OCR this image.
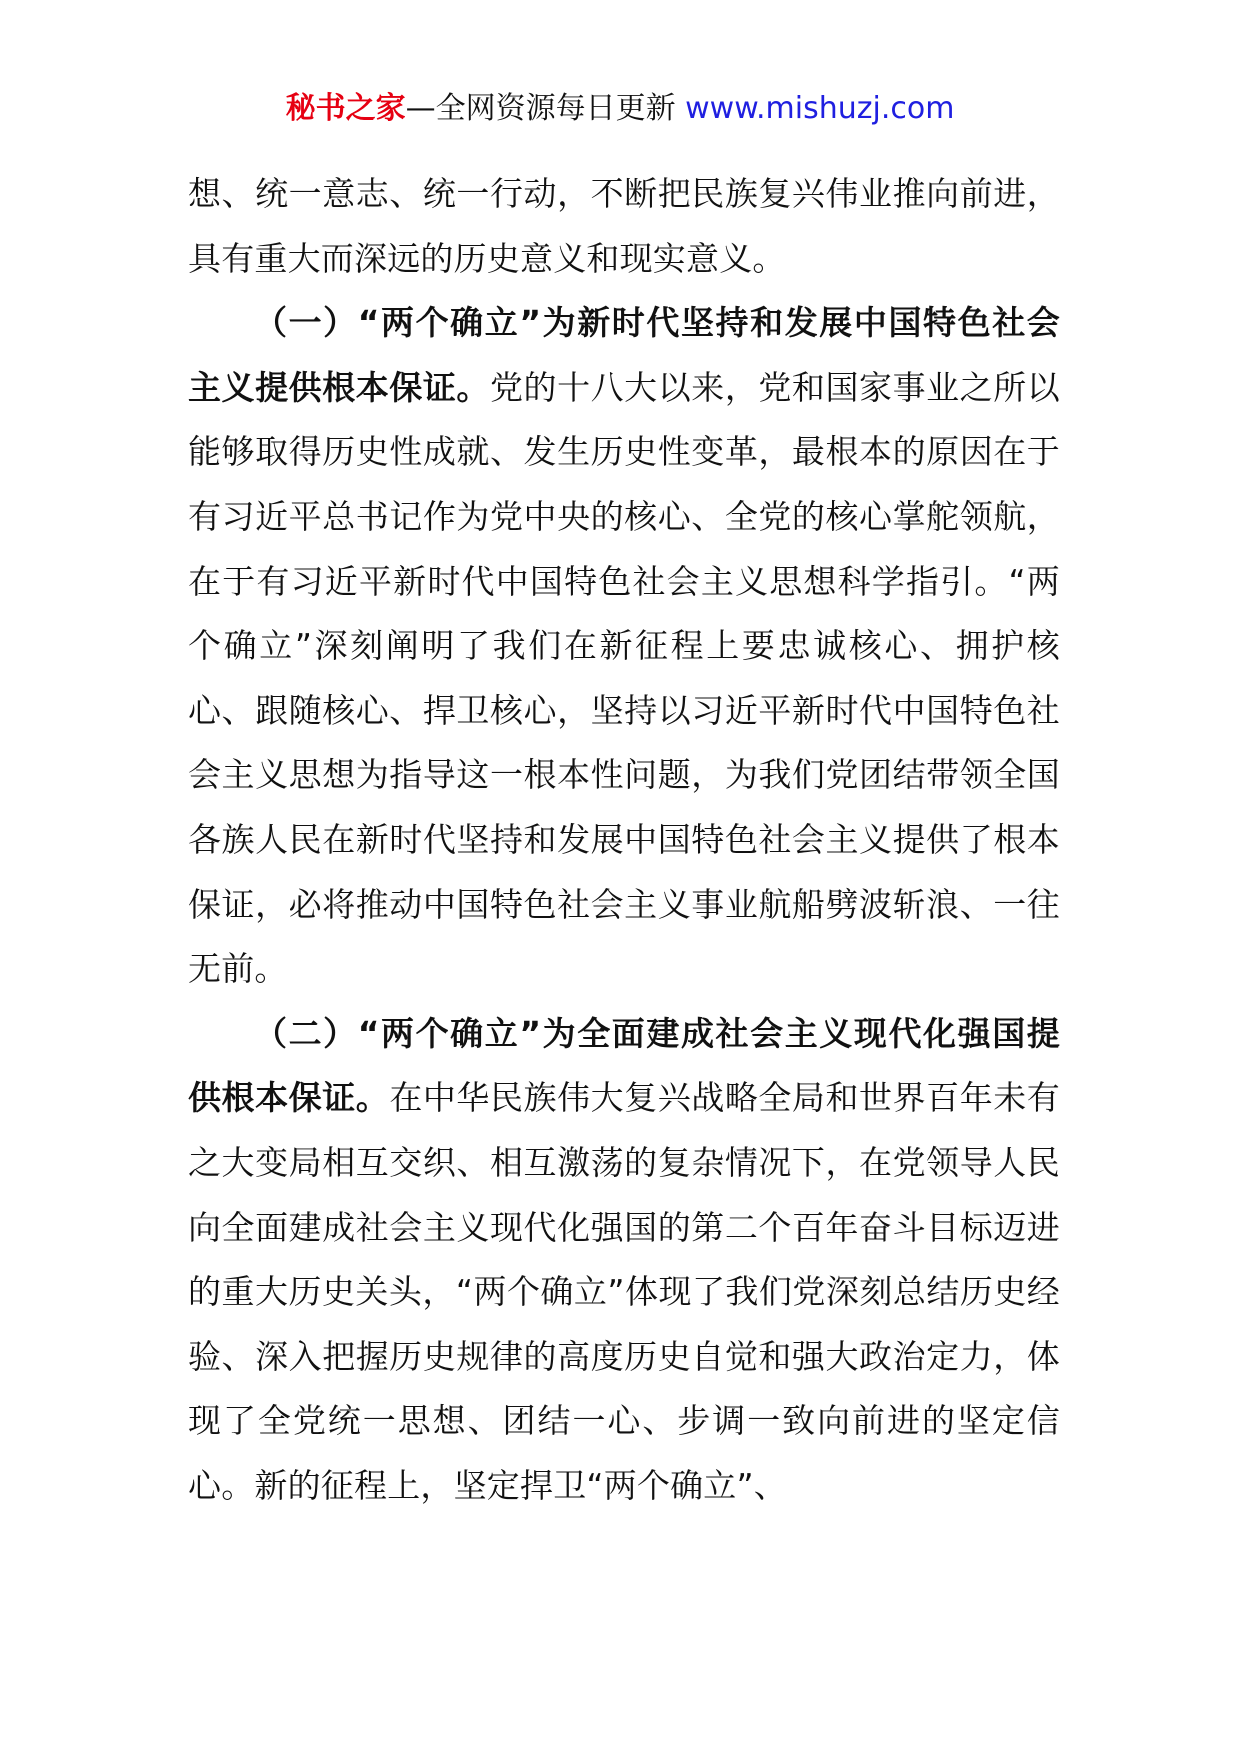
秘书之家—全网资源每日更新 www.mishuzj.com

想、统一意志、统一行动，不断把民族复兴伟业推向前进，具有重大而深远的历史意义和现实意义。

（一）“两个确立”为新时代坚持和发展中国特色社会主义提供根本保证。党的十八大以来，党和国家事业之所以能够取得历史性成就、发生历史性变革，最根本的原因在于有习近平总书记作为党中央的核心、全党的核心掌舵领航，在于有习近平新时代中国特色社会主义思想科学指引。“两个确立”深刻阐明了我们在新征程上要忠诚核心、拥护核心、跟随核心、捍卫核心，坚持以习近平新时代中国特色社会主义思想为指导这一根本性问题，为我们党团结带领全国各族人民在新时代坚持和发展中国特色社会主义提供了根本保证，必将推动中国特色社会主义事业航船劈波斩浪、一往无前。

（二）“两个确立”为全面建成社会主义现代化强国提供根本保证。在中华民族伟大复兴战略全局和世界百年未有之大变局相互交织、相互激荡的复杂情况下，在党领导人民向全面建成社会主义现代化强国的第二个百年奋斗目标迈进的重大历史关头，“两个确立”体现了我们党深刻总结历史经验、深入把握历史规律的高度历史自觉和强大政治定力，体现了全党统一思想、团结一心、步调一致向前进的坚定信心。新的征程上，坚定捍卫“两个确立”、
